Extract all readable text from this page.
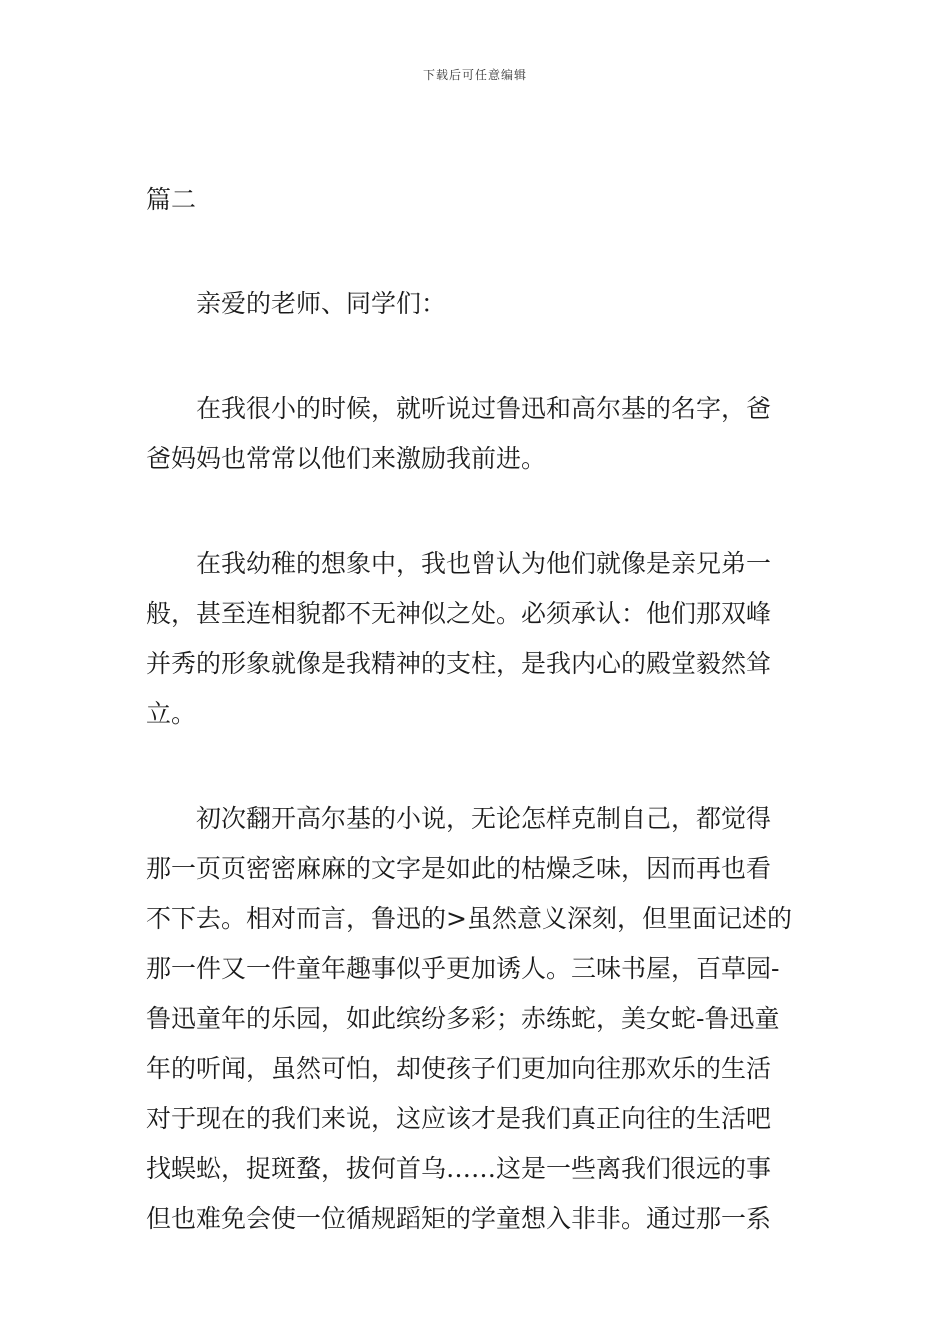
下载后可任意编辑
篇二
亲爱的老师、同学们：
在我很小的时候，就听说过鲁迅和高尔基的名字，爸
爸妈妈也常常以他们来激励我前进。
在我幼稚的想象中，我也曾认为他们就像是亲兄弟一
般，甚至连相貌都不无神似之处。必须承认：他们那双峰
并秀的形象就像是我精神的支柱，是我内心的殿堂毅然耸
立。
初次翻开高尔基的小说，无论怎样克制自己，都觉得
那一页页密密麻麻的文字是如此的枯燥乏味，因而再也看
不下去。相对而言，鲁迅的>虽然意义深刻，但里面记述的
那一件又一件童年趣事似乎更加诱人。三味书屋，百草园-
鲁迅童年的乐园，如此缤纷多彩；赤练蛇，美女蛇-鲁迅童
年的听闻，虽然可怕，却使孩子们更加向往那欢乐的生活
对于现在的我们来说，这应该才是我们真正向往的生活吧
找蜈蚣，捉斑蝥，拔何首乌……这是一些离我们很远的事
但也难免会使一位循规蹈矩的学童想入非非。通过那一系
